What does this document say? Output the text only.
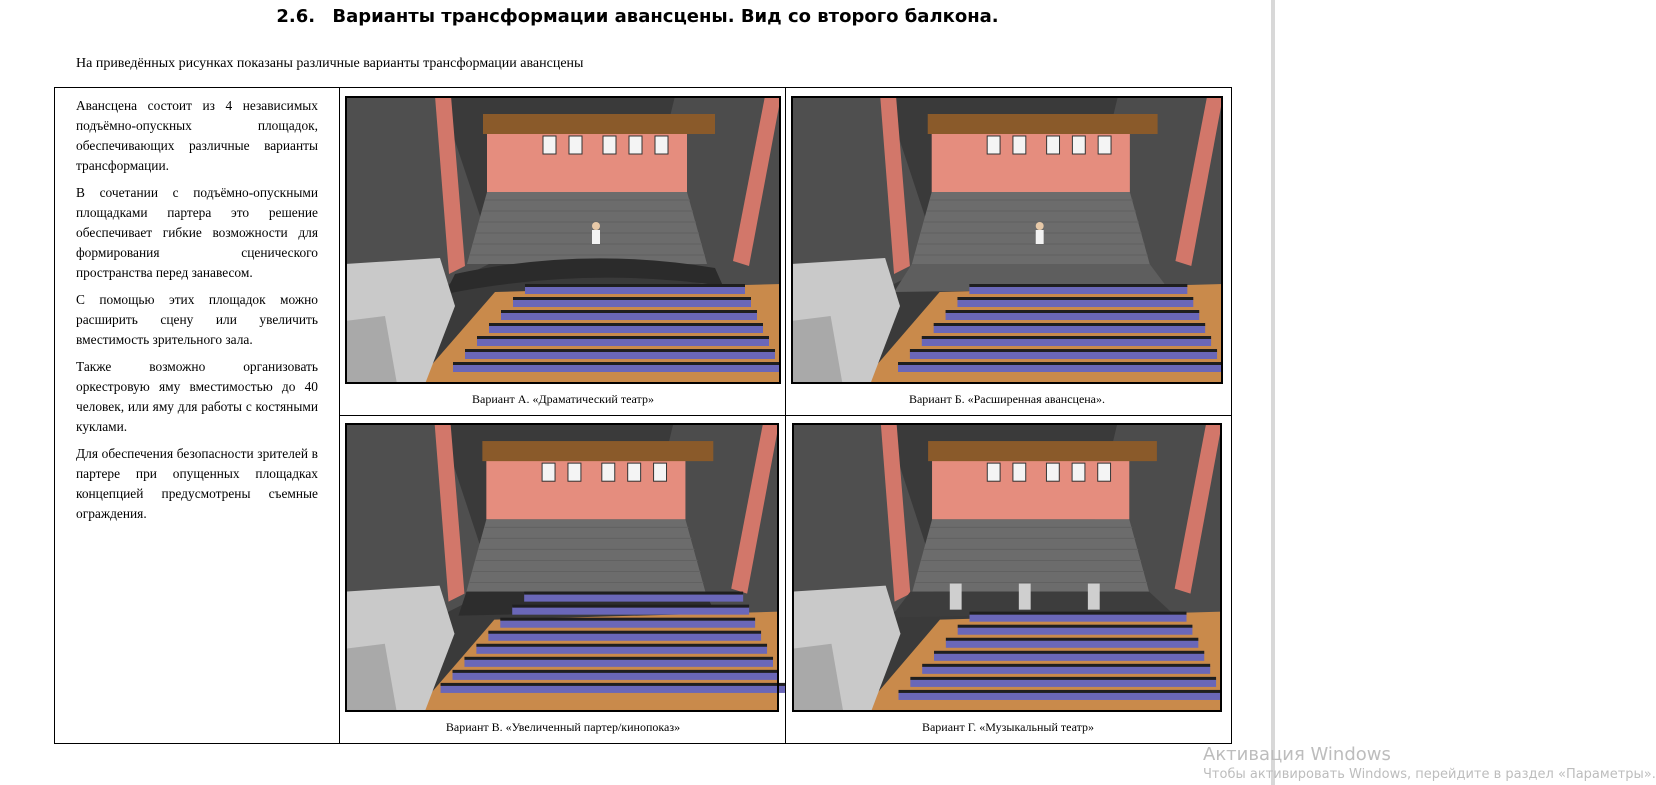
2.6. Варианты трансформации авансцены. Вид со второго балкона.
На приведённых рисунках показаны различные варианты трансформации авансцены

Авансцена состоит из 4 независимых подъёмно-опускных площадок, обеспечивающих различные варианты трансформации.

В сочетании с подъёмно-опускными площадками партера это решение обеспечивает гибкие возможности для формирования сценического пространства перед занавесом.

С помощью этих площадок можно расширить сцену или увеличить вместимость зрительного зала.

Также возможно организовать оркестровую яму вместимостью до 40 человек, или яму для работы с костяными куклами.

Для обеспечения безопасности зрителей в партере при опущенных площадках концепцией предусмотрены съемные ограждения.

Вариант А. «Драматический театр»	Вариант Б. «Расширенная авансцена».
Вариант В. «Увеличенный партер/кинопоказ»	Вариант Г. «Музыкальный театр»
Активация Windows
Чтобы активировать Windows, перейдите в раздел «Параметры».
